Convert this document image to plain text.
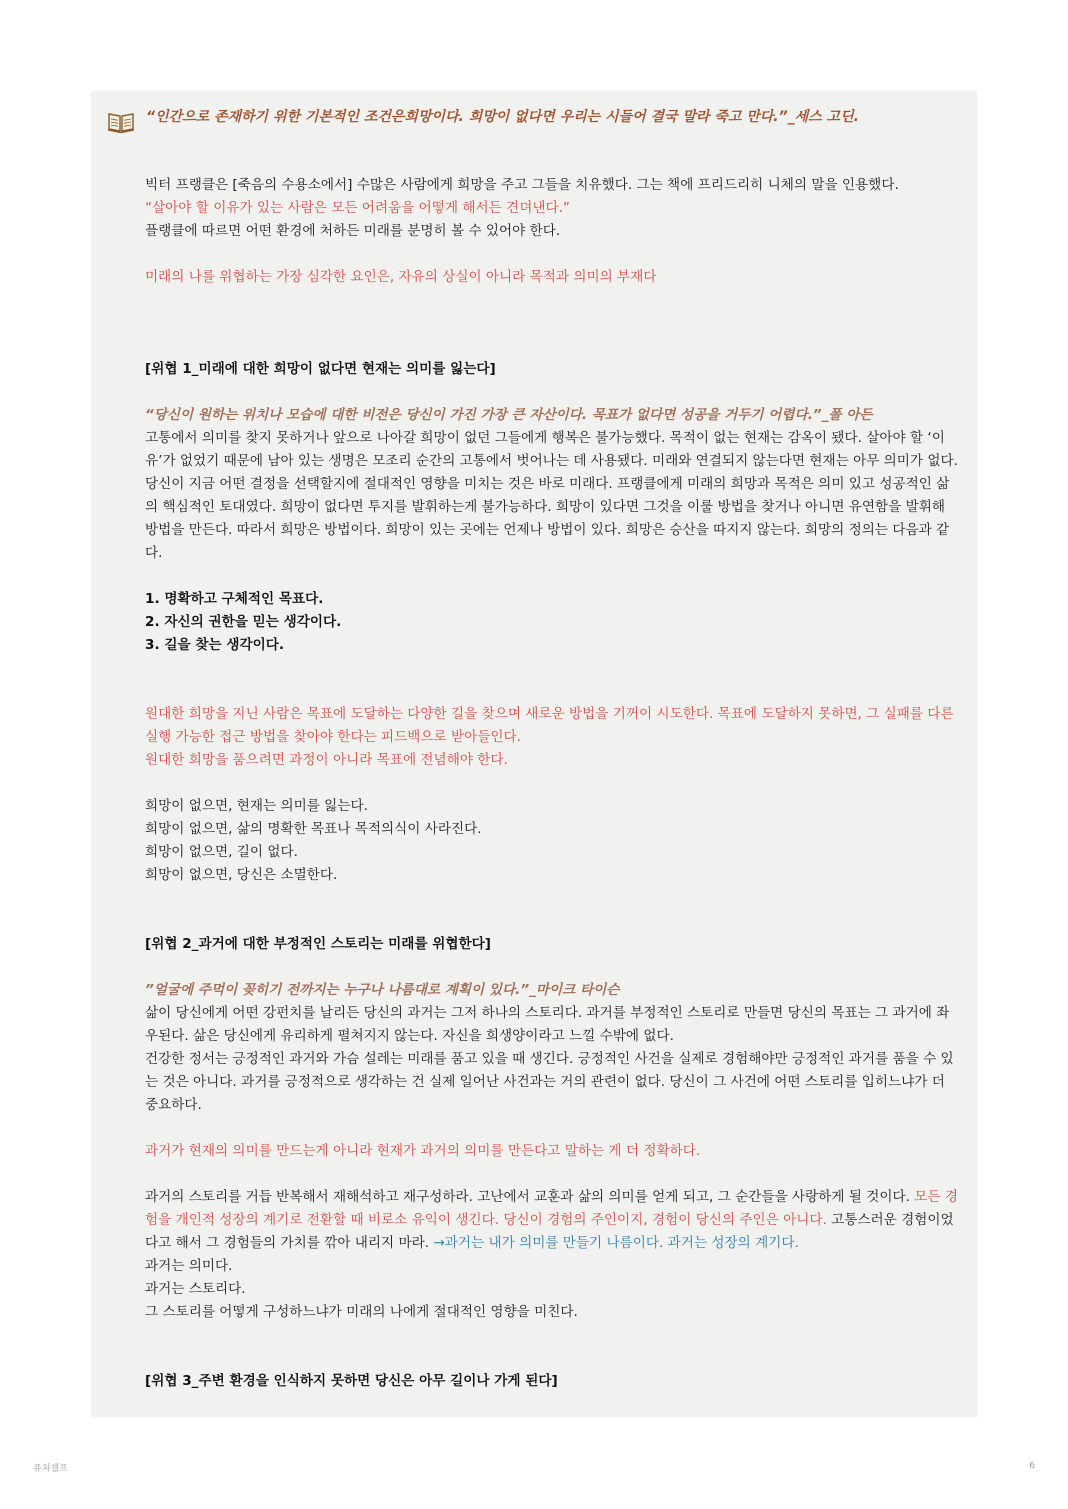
“인간으로 존재하기 위한 기본적인 조건은희망이다. 희망이 없다면 우리는 시들어 결국 말라 죽고 만다.”_세스 고딘.

빅터 프랭클은 [죽음의 수용소에서] 수많은 사람에게 희망을 주고 그들을 치유했다. 그는 책에 프리드리히 니체의 말을 인용했다.

“살아야 할 이유가 있는 사람은 모든 어려움을 어떻게 해서든 견뎌낸다.”

플랭클에 따르면 어떤 환경에 처하든 미래를 분명히 볼 수 있어야 한다.

미래의 나를 위협하는 가장 심각한 요인은, 자유의 상실이 아니라 목적과 의미의 부재다

[위협 1_미래에 대한 희망이 없다면 현재는 의미를 잃는다]

“당신이 원하는 위치나 모습에 대한 비전은 당신이 가진 가장 큰 자산이다. 목표가 없다면 성공을 거두기 어렵다.”_폴 아든

고통에서 의미를 찾지 못하거나 앞으로 나아갈 희망이 없던 그들에게 행복은 불가능했다. 목적이 없는 현재는 감옥이 됐다. 살아야 할 ‘이유’가 없었기 때문에 남아 있는 생명은 모조리 순간의 고통에서 벗어나는 데 사용됐다. 미래와 연결되지 않는다면 현재는 아무 의미가 없다. 당신이 지금 어떤 결정을 선택할지에 절대적인 영향을 미치는 것은 바로 미래다. 프랭클에게 미래의 희망과 목적은 의미 있고 성공적인 삶의 핵심적인 토대였다. 희망이 없다면 투지를 발휘하는게 불가능하다. 희망이 있다면 그것을 이룰 방법을 찾거나 아니면 유연함을 발휘해 방법을 만든다. 따라서 희망은 방법이다. 희망이 있는 곳에는 언제나 방법이 있다. 희망은 승산을 따지지 않는다. 희망의 정의는 다음과 같다.

1. 명확하고 구체적인 목표다.

2. 자신의 권한을 믿는 생각이다.

3. 길을 찾는 생각이다.

원대한 희망을 지닌 사람은 목표에 도달하는 다양한 길을 찾으며 새로운 방법을 기꺼이 시도한다. 목표에 도달하지 못하면, 그 실패를 다른 실행 가능한 접근 방법을 찾아야 한다는 피드백으로 받아들인다.

원대한 희망을 품으려면 과정이 아니라 목표에 전념해야 한다.

희망이 없으면, 현재는 의미를 잃는다.

희망이 없으면, 삶의 명확한 목표나 목적의식이 사라진다.

희망이 없으면, 길이 없다.

희망이 없으면, 당신은 소멸한다.

[위협 2_과거에 대한 부정적인 스토리는 미래를 위협한다]

”얼굴에 주먹이 꽂히기 전까지는 누구나 나름대로 계획이 있다.”_마이크 타이슨

삶이 당신에게 어떤 강펀치를 날리든 당신의 과거는 그저 하나의 스토리다. 과거를 부정적인 스토리로 만들면 당신의 목표는 그 과거에 좌우된다. 삶은 당신에게 유리하게 펼쳐지지 않는다. 자신을 희생양이라고 느낄 수밖에 없다.

건강한 정서는 긍정적인 과거와 가슴 설레는 미래를 품고 있을 때 생긴다. 긍정적인 사건을 실제로 경험해야만 긍정적인 과거를 품을 수 있는 것은 아니다. 과거를 긍정적으로 생각하는 건 실제 일어난 사건과는 거의 관련이 없다. 당신이 그 사건에 어떤 스토리를 입히느냐가 더 중요하다.

과거가 현재의 의미를 만드는게 아니라 현재가 과거의 의미를 만든다고 말하는 게 더 정확하다.

과거의 스토리를 거듭 반복해서 재해석하고 재구성하라. 고난에서 교훈과 삶의 의미를 얻게 되고, 그 순간들을 사랑하게 될 것이다. 모든 경험을 개인적 성장의 계기로 전환할 때 비로소 유익이 생긴다. 당신이 경험의 주인이지, 경험이 당신의 주인은 아니다. 고통스러운 경험이었다고 해서 그 경험들의 가치를 깎아 내리지 마라. →과거는 내가 의미를 만들기 나름이다. 과거는 성장의 계기다.

과거는 의미다.

과거는 스토리다.

그 스토리를 어떻게 구성하느냐가 미래의 나에게 절대적인 영향을 미친다.

[위협 3_주변 환경을 인식하지 못하면 당신은 아무 길이나 가게 된다]

퓨처셀프	6
